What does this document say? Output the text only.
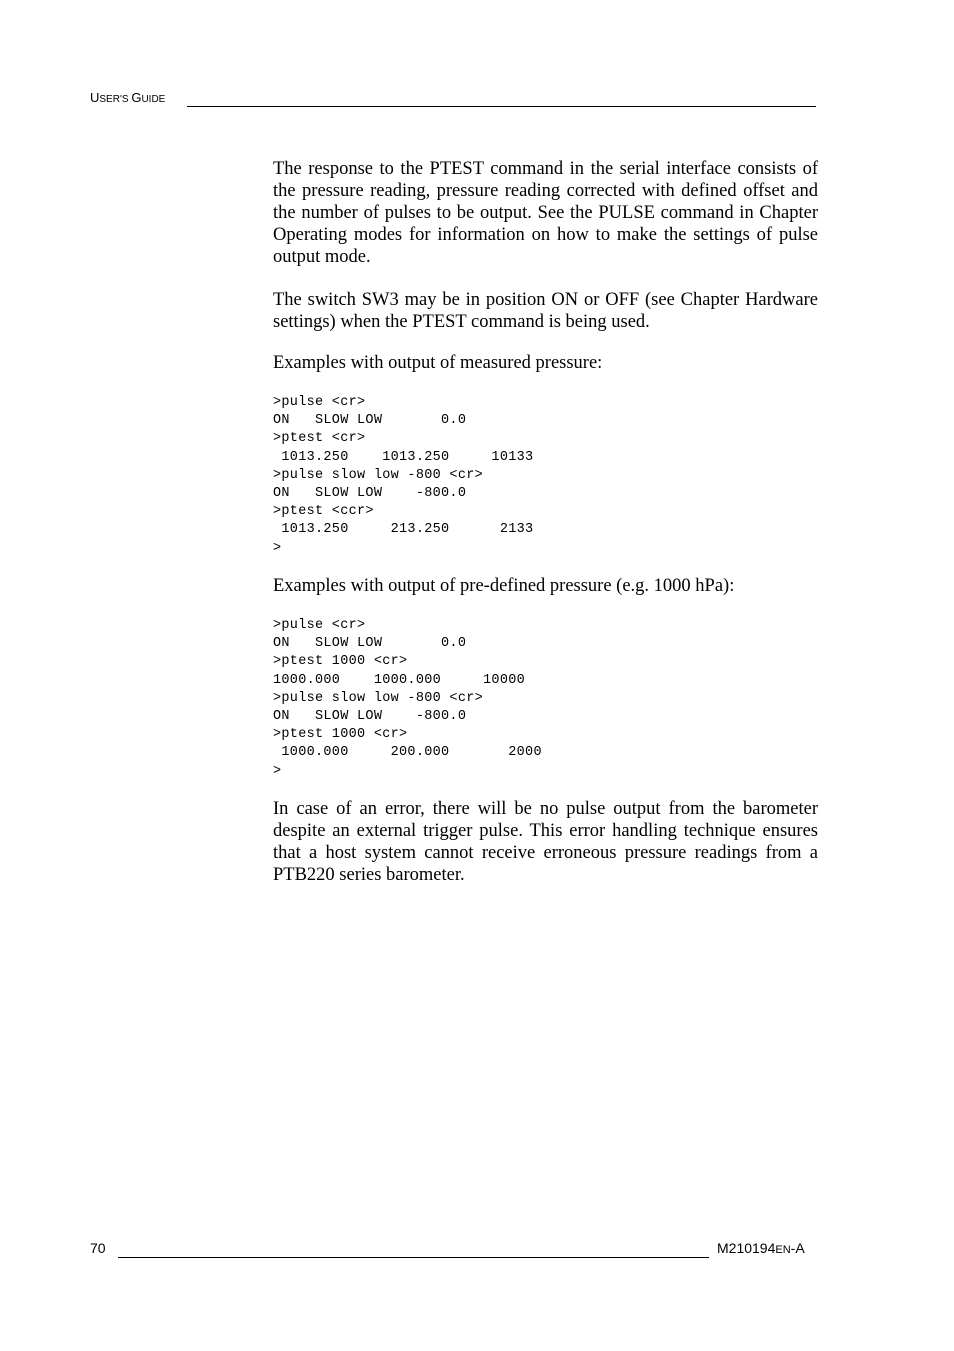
USER'S GUIDE

The response to the PTEST command in the serial interface consists of the pressure reading, pressure reading corrected with defined offset and the number of pulses to be output. See the PULSE command in Chapter Operating modes for information on how to make the settings of pulse output mode.

The switch SW3 may be in position ON or OFF (see Chapter Hardware settings) when the PTEST command is being used.

Examples with output of measured pressure:

>pulse <cr>
ON   SLOW LOW       0.0
>ptest <cr>
1013.250    1013.250     10133
>pulse slow low -800 <cr>
ON   SLOW LOW    -800.0
>ptest <ccr>
1013.250     213.250      2133
>

Examples with output of pre-defined pressure (e.g. 1000 hPa):

>pulse <cr>
ON   SLOW LOW       0.0
>ptest 1000 <cr>
1000.000    1000.000     10000
>pulse slow low -800 <cr>
ON   SLOW LOW    -800.0
>ptest 1000 <cr>
1000.000     200.000       2000
>

In case of an error, there will be no pulse output from the barometer despite an external trigger pulse. This error handling technique ensures that a host system cannot receive erroneous pressure readings from a PTB220 series barometer.

70	M210194EN-A
